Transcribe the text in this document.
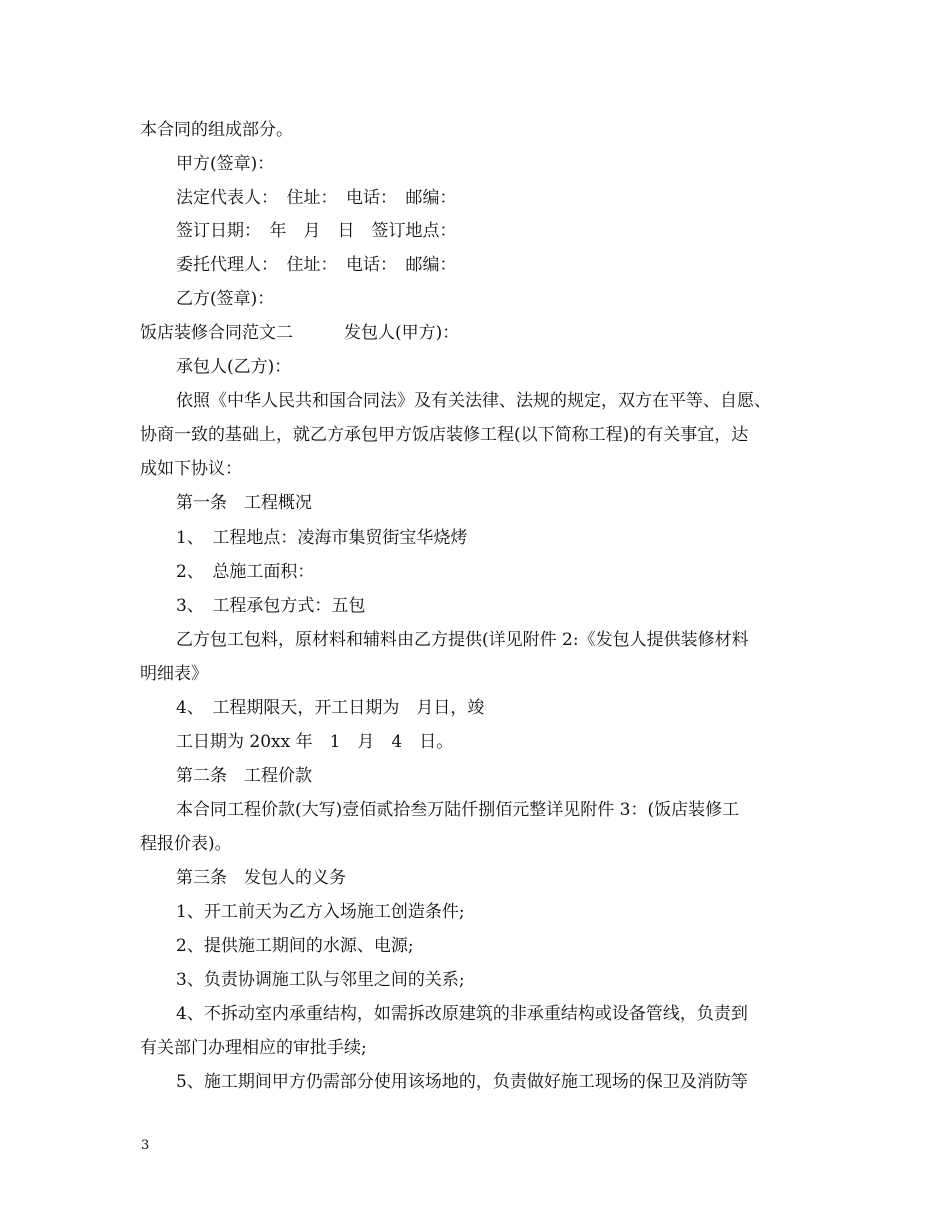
本合同的组成部分。
甲方(签章)：
法定代表人：　住址：　电话：　邮编：
签订日期：　年　月　日　签订地点：
委托代理人：　住址：　电话：　邮编：
乙方(签章)：
饭店装修合同范文二　　　发包人(甲方)：
承包人(乙方)：
依照《中华人民共和国合同法》及有关法律、法规的规定，双方在平等、自愿、
协商一致的基础上，就乙方承包甲方饭店装修工程(以下简称工程)的有关事宜，达
成如下协议：
第一条　工程概况
1、　工程地点：凌海市集贸街宝华烧烤
2、　总施工面积：
3、　工程承包方式：五包
乙方包工包料，原材料和辅料由乙方提供(详见附件 2:《发包人提供装修材料
明细表》
4、　工程期限天，开工日期为　月日，竣
工日期为 20xx 年　1　月　4　日。
第二条　工程价款
本合同工程价款(大写)壹佰贰拾叁万陆仟捌佰元整详见附件 3：(饭店装修工
程报价表)。
第三条　发包人的义务
1、开工前天为乙方入场施工创造条件;
2、提供施工期间的水源、电源;
3、负责协调施工队与邻里之间的关系;
4、不拆动室内承重结构，如需拆改原建筑的非承重结构或设备管线，负责到
有关部门办理相应的审批手续;
5、施工期间甲方仍需部分使用该场地的，负责做好施工现场的保卫及消防等
3
